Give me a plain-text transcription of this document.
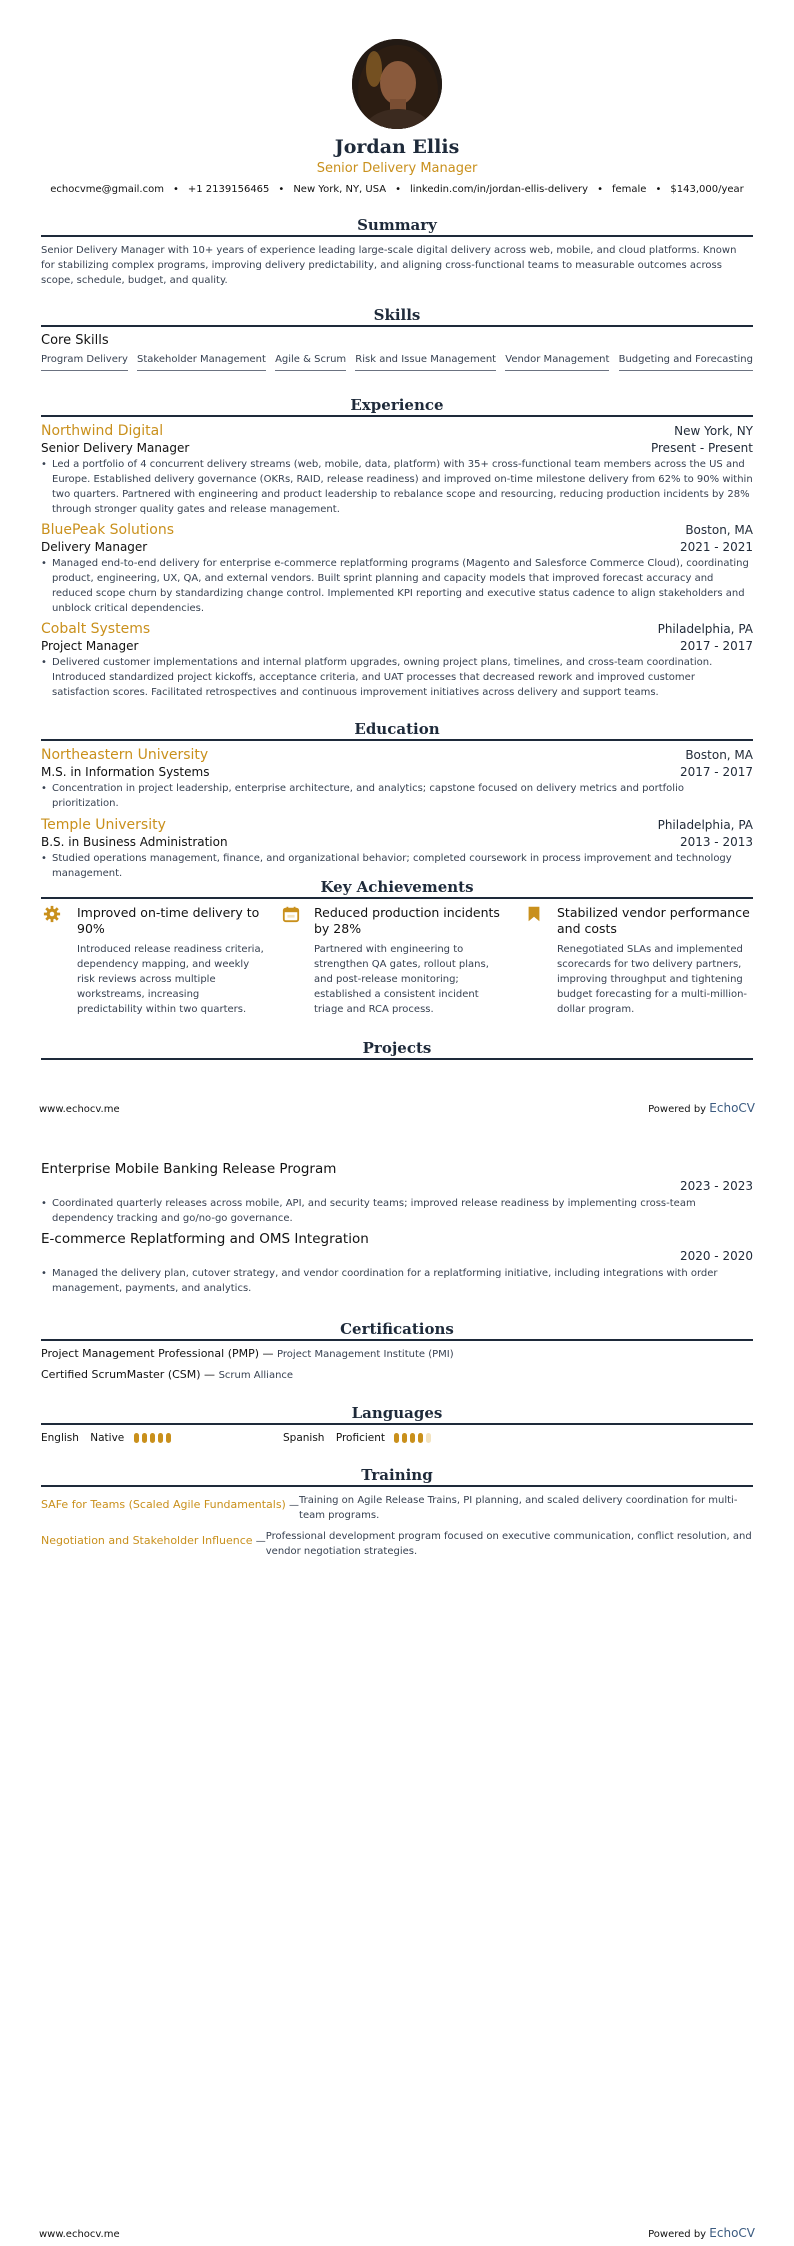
Jordan Ellis
Senior Delivery Manager
echocvme@gmail.com • +1 2139156465 • New York, NY, USA • linkedin.com/in/jordan-ellis-delivery • female • $143,000/year
Summary
Senior Delivery Manager with 10+ years of experience leading large-scale digital delivery across web, mobile, and cloud platforms. Known for stabilizing complex programs, improving delivery predictability, and aligning cross-functional teams to measurable outcomes across scope, schedule, budget, and quality.
Skills
Core Skills
Program Delivery Stakeholder Management Agile & Scrum Risk and Issue Management Vendor Management Budgeting and Forecasting
Experience
Northwind Digital	New York, NY
Senior Delivery Manager	Present - Present
• Led a portfolio of 4 concurrent delivery streams (web, mobile, data, platform) with 35+ cross-functional team members across the US and Europe. Established delivery governance (OKRs, RAID, release readiness) and improved on-time milestone delivery from 62% to 90% within two quarters. Partnered with engineering and product leadership to rebalance scope and resourcing, reducing production incidents by 28% through stronger quality gates and release management.
BluePeak Solutions	Boston, MA
Delivery Manager	2021 - 2021
• Managed end-to-end delivery for enterprise e-commerce replatforming programs (Magento and Salesforce Commerce Cloud), coordinating product, engineering, UX, QA, and external vendors. Built sprint planning and capacity models that improved forecast accuracy and reduced scope churn by standardizing change control. Implemented KPI reporting and executive status cadence to align stakeholders and unblock critical dependencies.
Cobalt Systems	Philadelphia, PA
Project Manager	2017 - 2017
• Delivered customer implementations and internal platform upgrades, owning project plans, timelines, and cross-team coordination. Introduced standardized project kickoffs, acceptance criteria, and UAT processes that decreased rework and improved customer satisfaction scores. Facilitated retrospectives and continuous improvement initiatives across delivery and support teams.
Education
Northeastern University	Boston, MA
M.S. in Information Systems	2017 - 2017
• Concentration in project leadership, enterprise architecture, and analytics; capstone focused on delivery metrics and portfolio prioritization.
Temple University	Philadelphia, PA
B.S. in Business Administration	2013 - 2013
• Studied operations management, finance, and organizational behavior; completed coursework in process improvement and technology management.
Key Achievements
Improved on-time delivery to 90%
Introduced release readiness criteria, dependency mapping, and weekly risk reviews across multiple workstreams, increasing predictability within two quarters.
Reduced production incidents by 28%
Partnered with engineering to strengthen QA gates, rollout plans, and post-release monitoring; established a consistent incident triage and RCA process.
Stabilized vendor performance and costs
Renegotiated SLAs and implemented scorecards for two delivery partners, improving throughput and tightening budget forecasting for a multi-million-dollar program.
Projects
www.echocv.me	Powered by EchoCV
Enterprise Mobile Banking Release Program
2023 - 2023
• Coordinated quarterly releases across mobile, API, and security teams; improved release readiness by implementing cross-team dependency tracking and go/no-go governance.
E-commerce Replatforming and OMS Integration
2020 - 2020
• Managed the delivery plan, cutover strategy, and vendor coordination for a replatforming initiative, including integrations with order management, payments, and analytics.
Certifications
Project Management Professional (PMP) — Project Management Institute (PMI)
Certified ScrumMaster (CSM) — Scrum Alliance
Languages
English Native	Spanish Proficient
Training
SAFe for Teams (Scaled Agile Fundamentals) — Training on Agile Release Trains, PI planning, and scaled delivery coordination for multi-team programs.
Negotiation and Stakeholder Influence — Professional development program focused on executive communication, conflict resolution, and vendor negotiation strategies.
www.echocv.me	Powered by EchoCV
